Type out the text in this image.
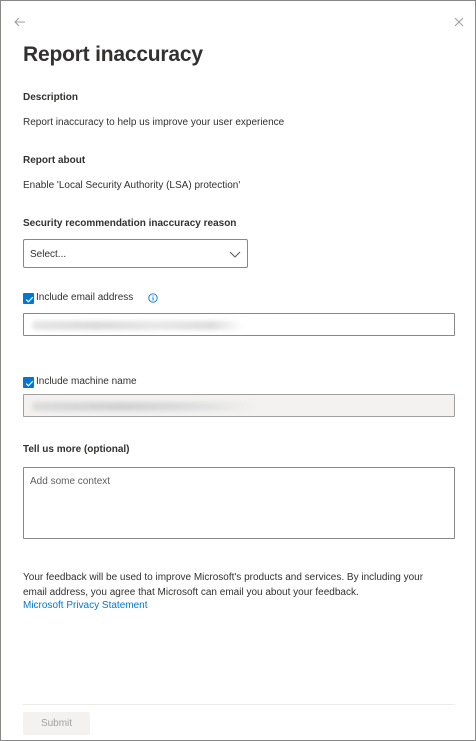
Report inaccuracy
Description
Report inaccuracy to help us improve your user experience
Report about
Enable 'Local Security Authority (LSA) protection'
Security recommendation inaccuracy reason
Select...
Include email address
Include machine name
Tell us more (optional)
Add some context
Your feedback will be used to improve Microsoft's products and services. By including your email address, you agree that Microsoft can email you about your feedback.
Microsoft Privacy Statement
Submit
